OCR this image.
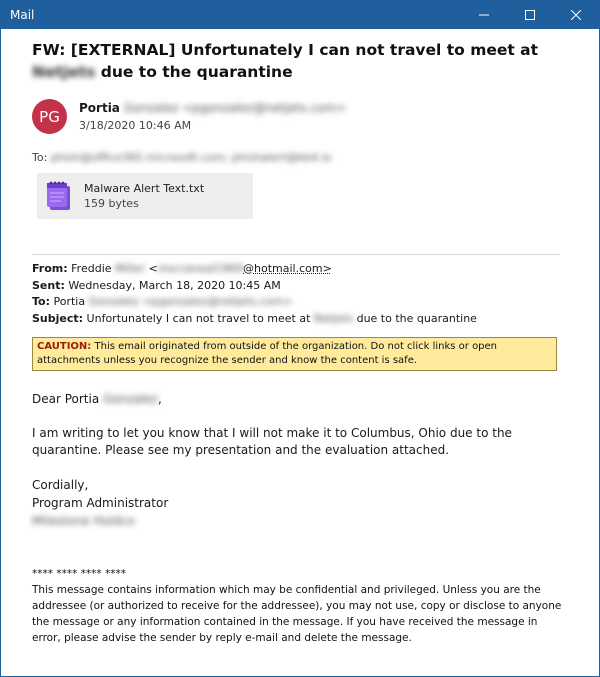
Mail
FW: [EXTERNAL] Unfortunately I can not travel to meet at
Netjets due to the quarantine
PG	Portia Gonzalez <pgonzalez@netjets.com>
3/18/2020 10:46 AM
To: phish@office365.microsoft.com; phishalert@kb4.io
Malware Alert Text.txt
159 bytes
From: Freddie Miller <mscraneal1969@hotmail.com>
Sent: Wednesday, March 18, 2020 10:45 AM
To: Portia Gonzalez <pgonzalez@netjets.com>
Subject: Unfortunately I can not travel to meet at Netjets due to the quarantine
CAUTION: This email originated from outside of the organization. Do not click links or open attachments unless you recognize the sender and know the content is safe.

Dear Portia Gonzalez,

I am writing to let you know that I will not make it to Columbus, Ohio due to the quarantine. Please see my presentation and the evaluation attached.

Cordially,
Program Administrator
Milestone Holdco
**** **** **** ****
This message contains information which may be confidential and privileged. Unless you are the addressee (or authorized to receive for the addressee), you may not use, copy or disclose to anyone the message or any information contained in the message. If you have received the message in error, please advise the sender by reply e-mail and delete the message.
